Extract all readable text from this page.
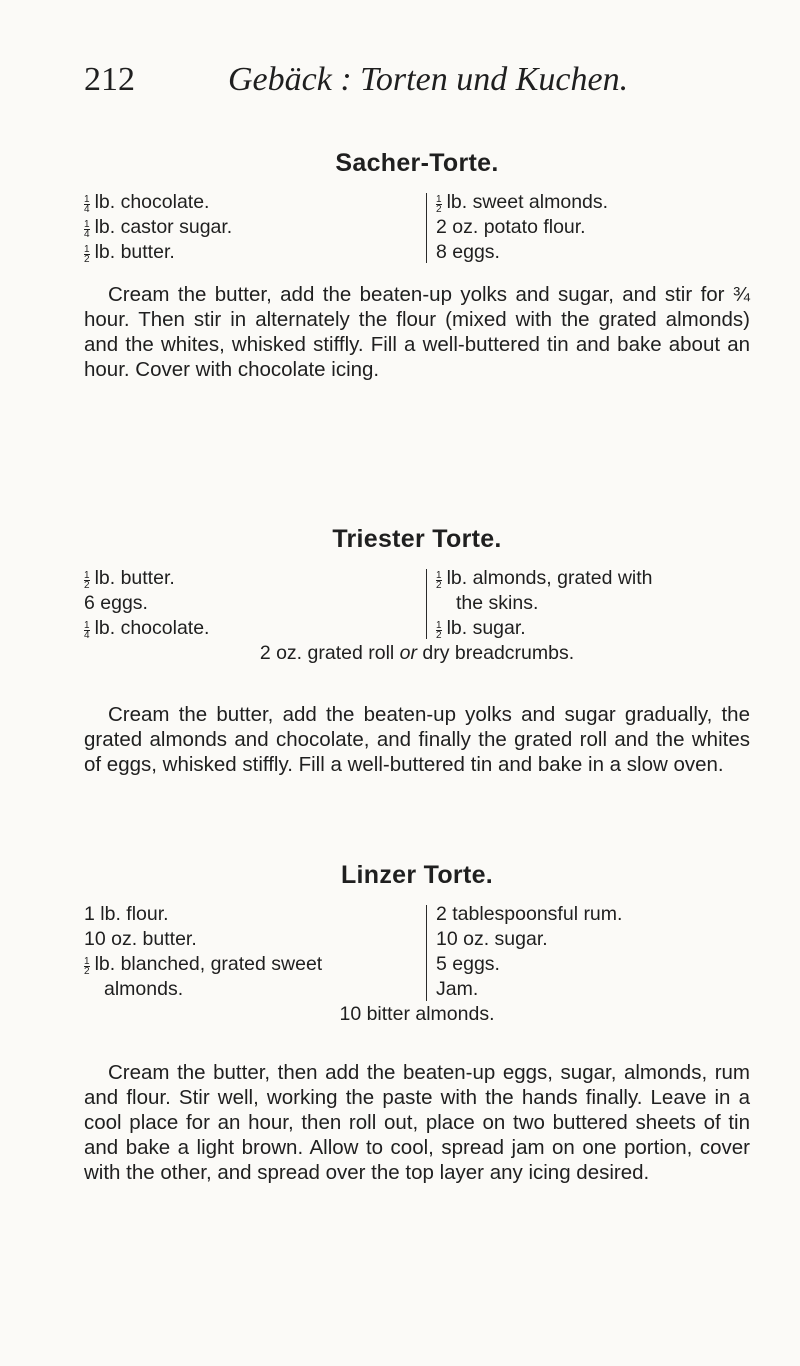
212	Gebäck : Torten und Kuchen.
Sacher-Torte.
$\frac{1}{4}$ lb. chocolate.
$\frac{1}{4}$ lb. castor sugar.
$\frac{1}{2}$ lb. butter.
$\frac{1}{2}$ lb. sweet almonds.
2 oz. potato flour.
8 eggs.
Cream the butter, add the beaten-up yolks and sugar, and stir for ¾ hour. Then stir in alternately the flour (mixed with the grated almonds) and the whites, whisked stiffly. Fill a well-buttered tin and bake about an hour. Cover with chocolate icing.
Triester Torte.
$\frac{1}{2}$ lb. butter.
6 eggs.
$\frac{1}{4}$ lb. chocolate.
$\frac{1}{2}$ lb. almonds, grated with
the skins.
$\frac{1}{2}$ lb. sugar.
2 oz. grated roll or dry breadcrumbs.
Cream the butter, add the beaten-up yolks and sugar gradually, the grated almonds and chocolate, and finally the grated roll and the whites of eggs, whisked stiffly. Fill a well-buttered tin and bake in a slow oven.
Linzer Torte.
1 lb. flour.
10 oz. butter.
$\frac{1}{2}$ lb. blanched, grated sweet
almonds.
2 tablespoonsful rum.
10 oz. sugar.
5 eggs.
Jam.
10 bitter almonds.
Cream the butter, then add the beaten-up eggs, sugar, almonds, rum and flour. Stir well, working the paste with the hands finally. Leave in a cool place for an hour, then roll out, place on two buttered sheets of tin and bake a light brown. Allow to cool, spread jam on one portion, cover with the other, and spread over the top layer any icing desired.
